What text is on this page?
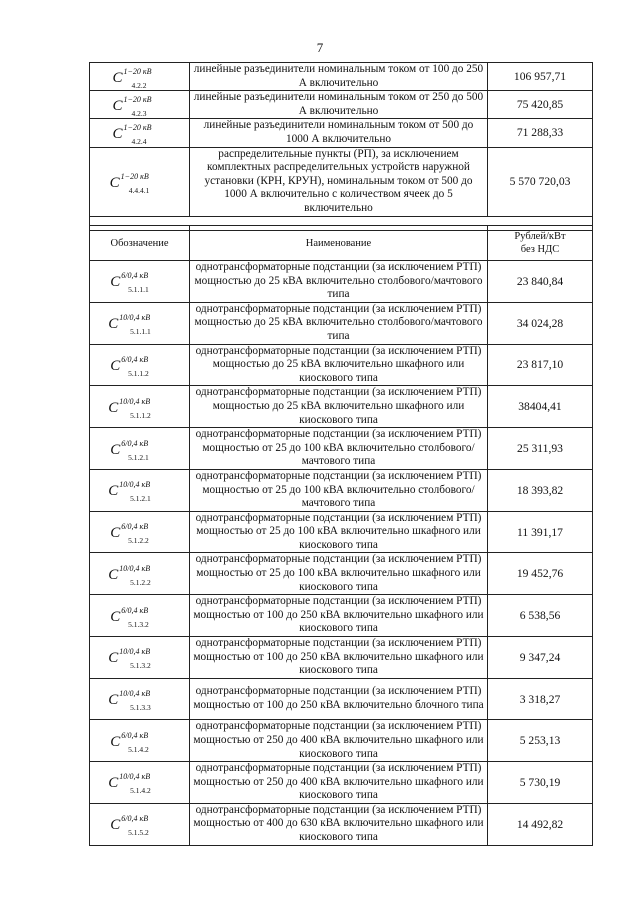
7
$C^{1-20 кВ}_{4.2.2}$	линейные разъединители номинальным током от 100 до 250 А включительно	106 957,71
$C^{1-20 кВ}_{4.2.3}$	линейные разъединители номинальным током от 250 до 500 А включительно	75 420,85
$C^{1-20 кВ}_{4.2.4}$	линейные разъединители номинальным током от 500 до 1000 А включительно	71 288,33
$C^{1-20 кВ}_{4.4.4.1}$	распределительные пункты (РП), за исключением комплектных распределительных устройств наружной установки (КРН, КРУН), номинальным током от 500 до 1000 А включительно с количеством ячеек до 5 включительно	5 570 720,03

Обозначение	Наименование	Рублей/кВт
без НДС
$C^{6/0,4 кВ}_{5.1.1.1}$	однотрансформаторные подстанции (за исключением РТП) мощностью до 25 кВА включительно столбового/мачтового типа	23 840,84
$C^{10/0,4 кВ}_{5.1.1.1}$	однотрансформаторные подстанции (за исключением РТП) мощностью до 25 кВА включительно столбового/мачтового типа	34 024,28
$C^{6/0,4 кВ}_{5.1.1.2}$	однотрансформаторные подстанции (за исключением РТП) мощностью до 25 кВА включительно шкафного или киоскового типа	23 817,10
$C^{10/0,4 кВ}_{5.1.1.2}$	однотрансформаторные подстанции (за исключением РТП) мощностью до 25 кВА включительно шкафного или киоскового типа	38404,41
$C^{6/0,4 кВ}_{5.1.2.1}$	однотрансформаторные подстанции (за исключением РТП) мощностью от 25 до 100 кВА включительно столбового/мачтового типа	25 311,93
$C^{10/0,4 кВ}_{5.1.2.1}$	однотрансформаторные подстанции (за исключением РТП) мощностью от 25 до 100 кВА включительно столбового/мачтового типа	18 393,82
$C^{6/0,4 кВ}_{5.1.2.2}$	однотрансформаторные подстанции (за исключением РТП) мощностью от 25 до 100 кВА включительно шкафного или киоскового типа	11 391,17
$C^{10/0,4 кВ}_{5.1.2.2}$	однотрансформаторные подстанции (за исключением РТП) мощностью от 25 до 100 кВА включительно шкафного или киоскового типа	19 452,76
$C^{6/0,4 кВ}_{5.1.3.2}$	однотрансформаторные подстанции (за исключением РТП) мощностью от 100 до 250 кВА включительно шкафного или киоскового типа	6 538,56
$C^{10/0,4 кВ}_{5.1.3.2}$	однотрансформаторные подстанции (за исключением РТП) мощностью от 100 до 250 кВА включительно шкафного или киоскового типа	9 347,24
$C^{10/0,4 кВ}_{5.1.3.3}$	однотрансформаторные подстанции (за исключением РТП) мощностью от 100 до 250 кВА включительно блочного типа	3 318,27
$C^{6/0,4 кВ}_{5.1.4.2}$	однотрансформаторные подстанции (за исключением РТП) мощностью от 250 до 400 кВА включительно шкафного или киоскового типа	5 253,13
$C^{10/0,4 кВ}_{5.1.4.2}$	однотрансформаторные подстанции (за исключением РТП) мощностью от 250 до 400 кВА включительно шкафного или киоскового типа	5 730,19
$C^{6/0,4 кВ}_{5.1.5.2}$	однотрансформаторные подстанции (за исключением РТП) мощностью от 400 до 630 кВА включительно шкафного или киоскового типа	14 492,82
